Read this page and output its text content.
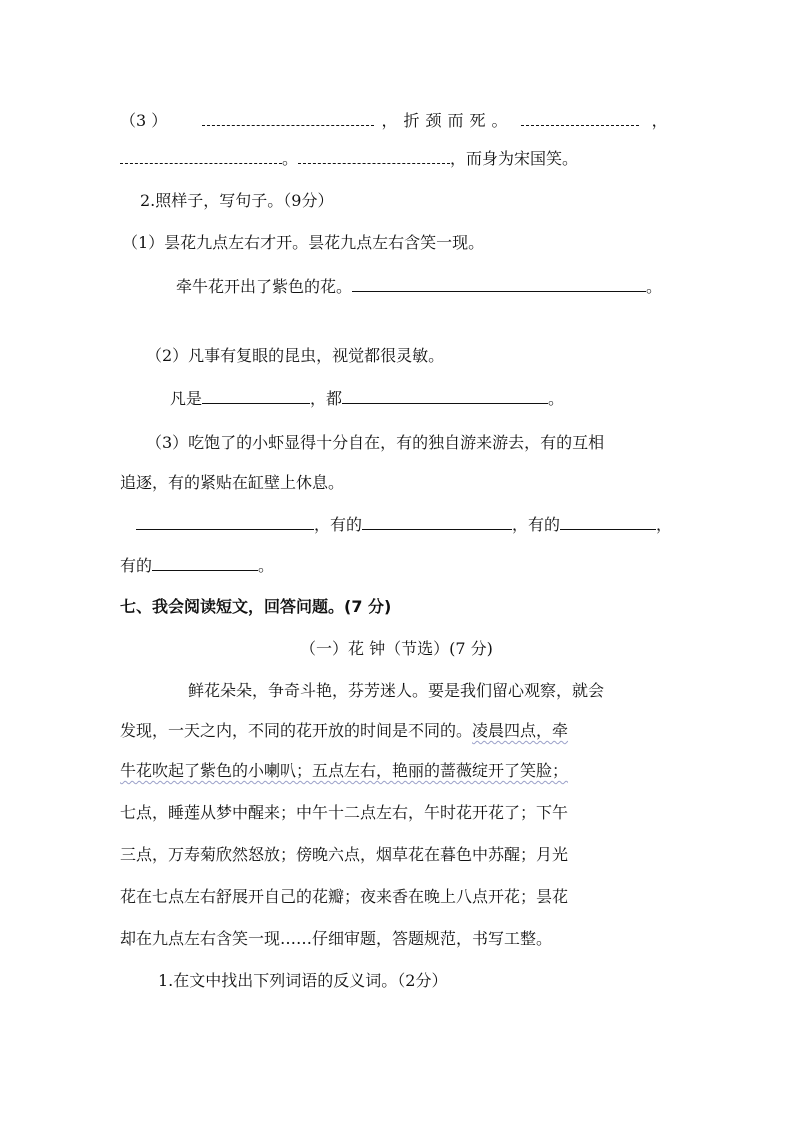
（3 ）	，折颈而死。	，
。	，而身为宋国笑。
2.照样子，写句子。（9分）
（1）昙花九点左右才开。昙花九点左右含笑一现。
牵牛花开出了紫色的花。	。
（2）凡事有复眼的昆虫，视觉都很灵敏。
凡是	，都	。
（3）吃饱了的小虾显得十分自在，有的独自游来游去，有的互相
追逐，有的紧贴在缸壁上休息。
，有的	，有的	，
有的	。
七、我会阅读短文，回答问题。(7 分)
（一）花 钟（节选）(7 分)
鲜花朵朵，争奇斗艳，芬芳迷人。要是我们留心观察，就会
发现，一天之内，不同的花开放的时间是不同的。凌晨四点，牵
牛花吹起了紫色的小喇叭；五点左右，艳丽的蔷薇绽开了笑脸；
七点，睡莲从梦中醒来；中午十二点左右，午时花开花了；下午
三点，万寿菊欣然怒放；傍晚六点，烟草花在暮色中苏醒；月光
花在七点左右舒展开自己的花瓣；夜来香在晚上八点开花；昙花
却在九点左右含笑一现……仔细审题，答题规范，书写工整。
1.在文中找出下列词语的反义词。（2分）
